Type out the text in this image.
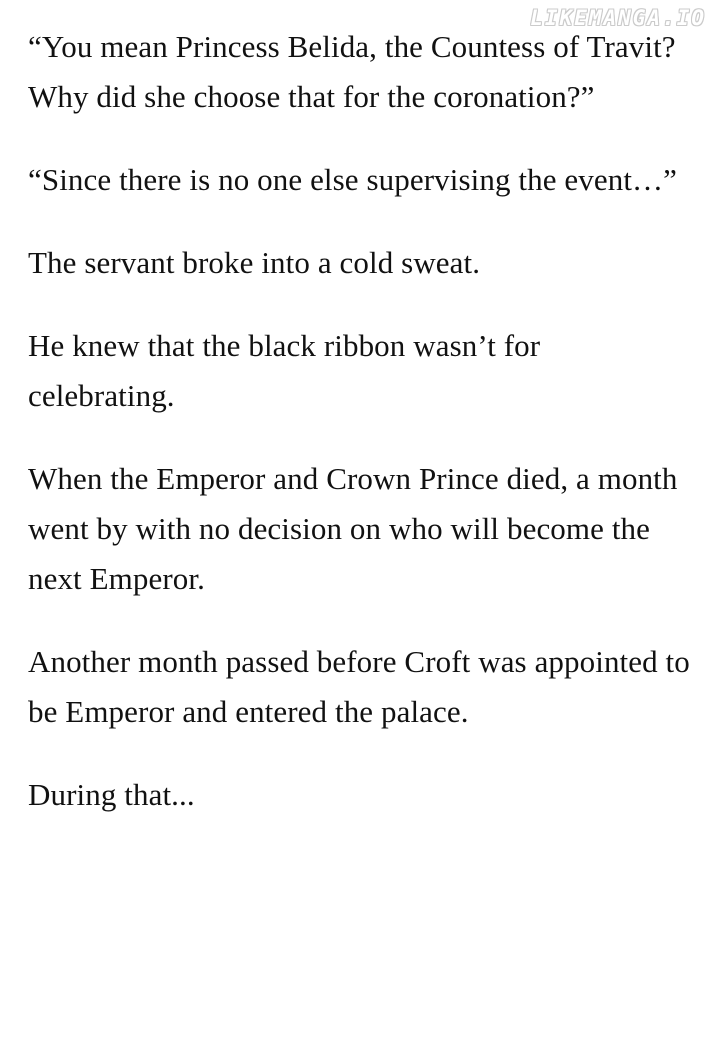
LIKEMANGA.IO

“You mean Princess Belida, the Countess of Travit? Why did she choose that for the coronation?”

“Since there is no one else supervising the event…”

The servant broke into a cold sweat.

He knew that the black ribbon wasn’t for celebrating.

When the Emperor and Crown Prince died, a month went by with no decision on who will become the next Emperor.

Another month passed before Croft was appointed to be Emperor and entered the palace.

During that...
